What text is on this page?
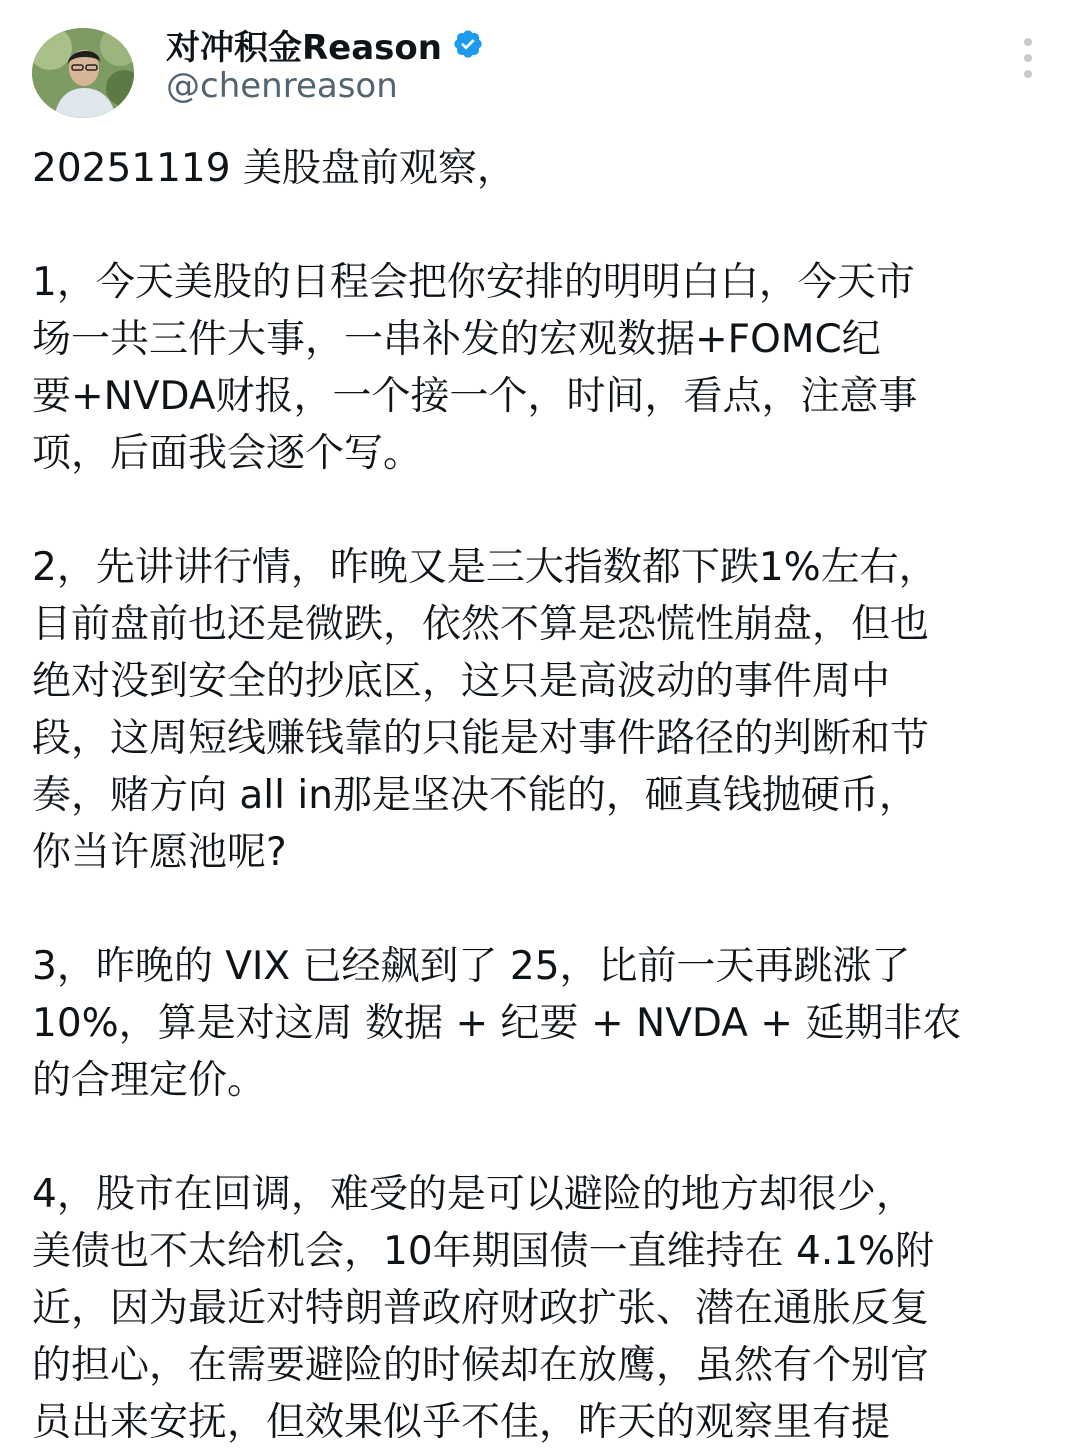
对冲积金Reason
@chenreason
20251119 美股盘前观察，
1，今天美股的日程会把你安排的明明白白，今天市
场一共三件大事，一串补发的宏观数据+FOMC纪
要+NVDA财报，一个接一个，时间，看点，注意事
项，后面我会逐个写。
2，先讲讲行情，昨晚又是三大指数都下跌1%左右，
目前盘前也还是微跌，依然不算是恐慌性崩盘，但也
绝对没到安全的抄底区，这只是高波动的事件周中
段，这周短线赚钱靠的只能是对事件路径的判断和节
奏，赌方向 all in那是坚决不能的，砸真钱抛硬币，
你当许愿池呢?
3，昨晚的 VIX 已经飙到了 25，比前一天再跳涨了
10%，算是对这周 数据 + 纪要 + NVDA + 延期非农
的合理定价。
4，股市在回调，难受的是可以避险的地方却很少，
美债也不太给机会，10年期国债一直维持在 4.1%附
近，因为最近对特朗普政府财政扩张、潜在通胀反复
的担心，在需要避险的时候却在放鹰，虽然有个别官
员出来安抚，但效果似乎不佳，昨天的观察里有提
